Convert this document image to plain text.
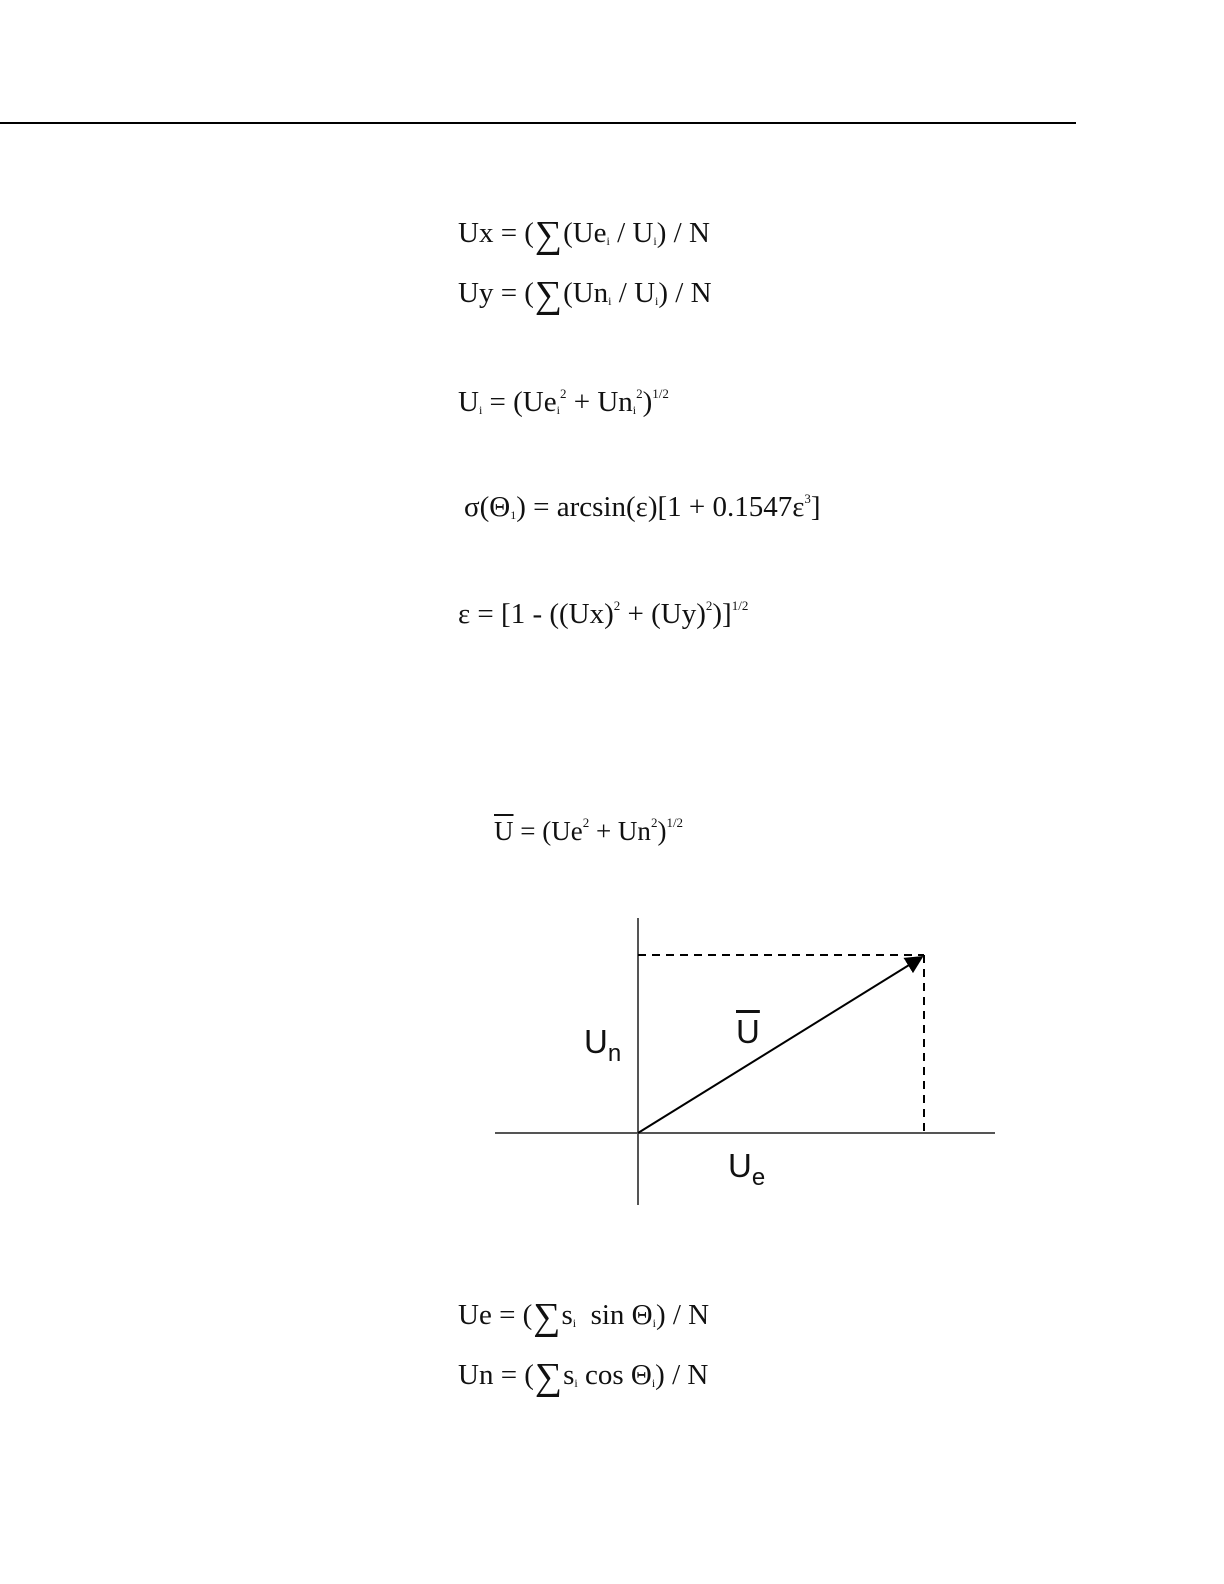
$Ux = (\sum(Ue_i / U_i) / N$
$Uy = (\sum(Un_i / U_i) / N$
$U_i = (Ue_i^2 + Un_i^2)^{1/2}$
$\sigma(\Theta_1) = \arcsin(\varepsilon)[1 + 0.1547\varepsilon^3]$
$\varepsilon = [1 - ((Ux)^2 + (Uy)^2)]^{1/2}$
$\overline{U} = (Ue^2 + Un^2)^{1/2}$
$U_n$
$\overline{U}$
$U_e$
$Ue = (\sum s_i$  $\sin \Theta_i$) / N
$Un = (\sum s_i$ $\cos \Theta_i$) / N
